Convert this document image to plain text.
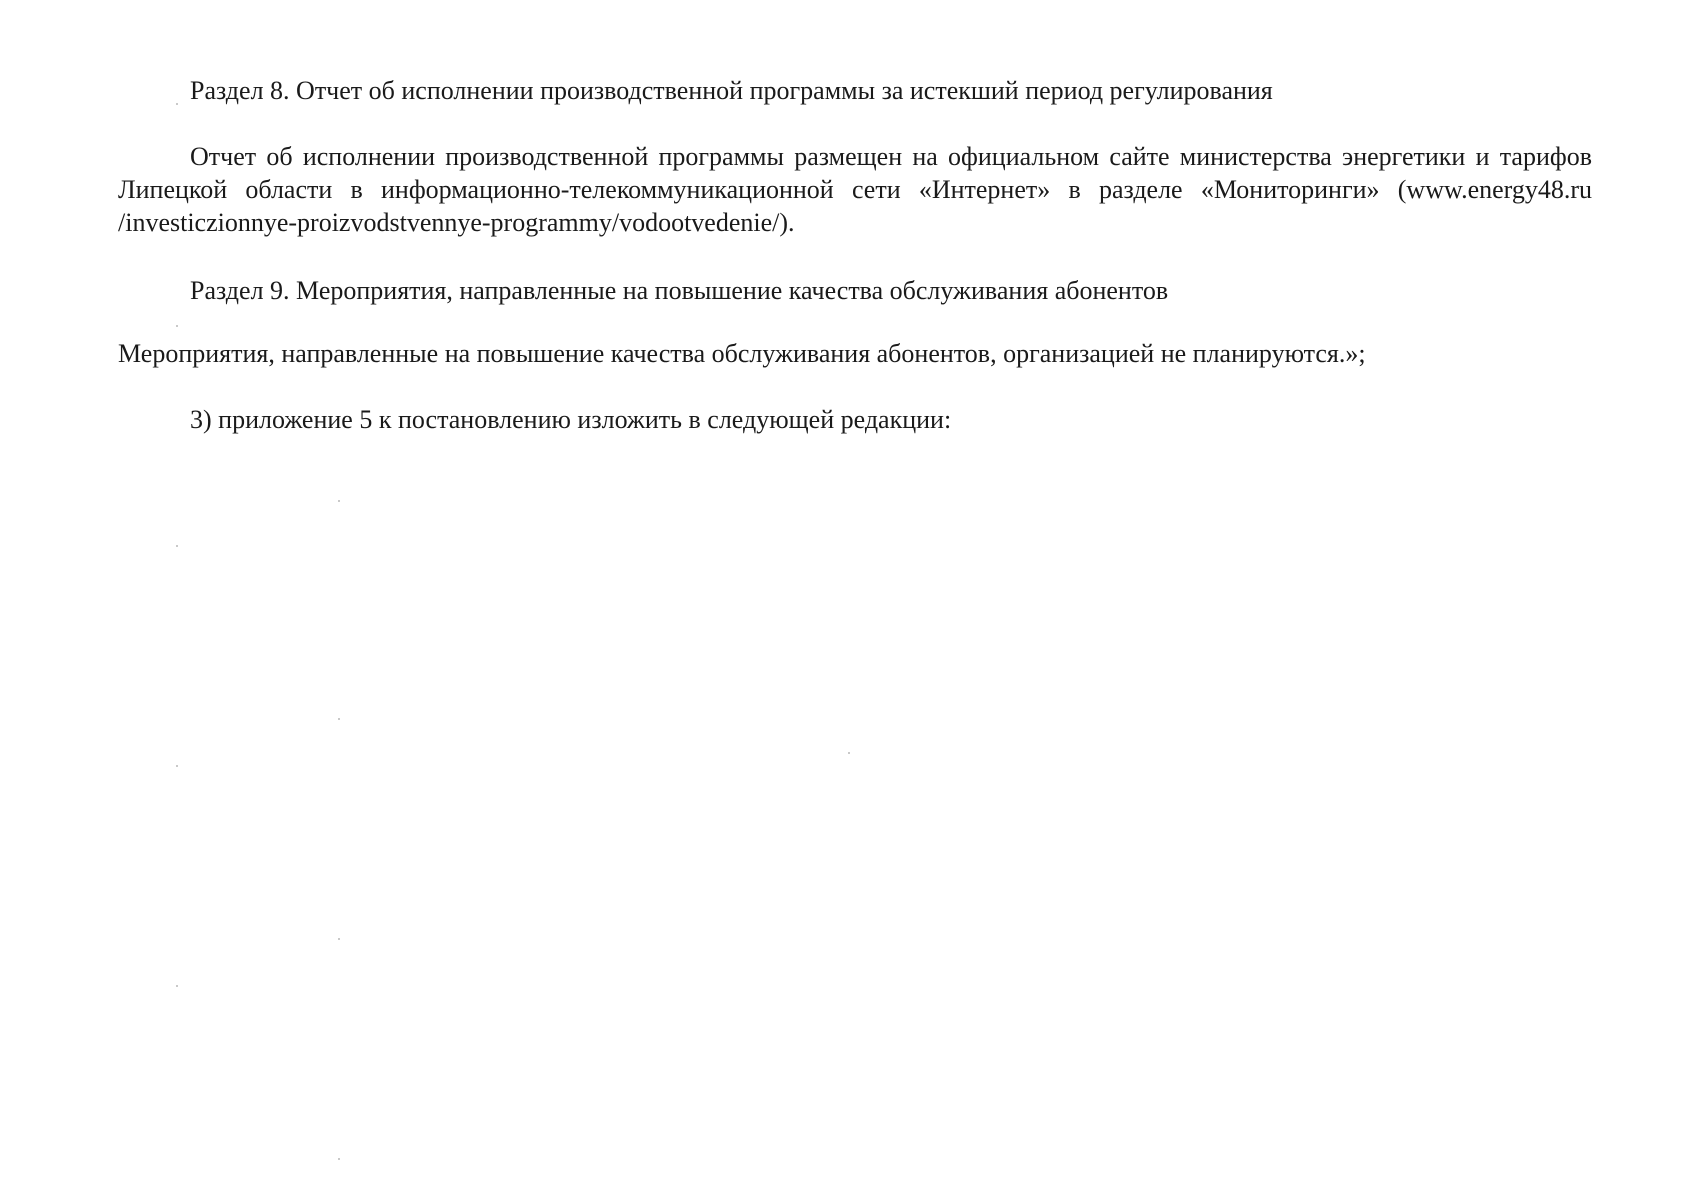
Раздел 8. Отчет об исполнении производственной программы за истекший период регулирования

Отчет об исполнении производственной программы размещен на официальном сайте министерства энергетики и тарифов Липецкой области в информационно-телекоммуникационной сети «Интернет» в разделе «Мониторинги» (www.energy48.ru /investiczionnye-proizvodstvennye-programmy/vodootvedenie/).

Раздел 9. Мероприятия, направленные на повышение качества обслуживания абонентов

Мероприятия, направленные на повышение качества обслуживания абонентов, организацией не планируются.»;

3) приложение 5 к постановлению изложить в следующей редакции:
